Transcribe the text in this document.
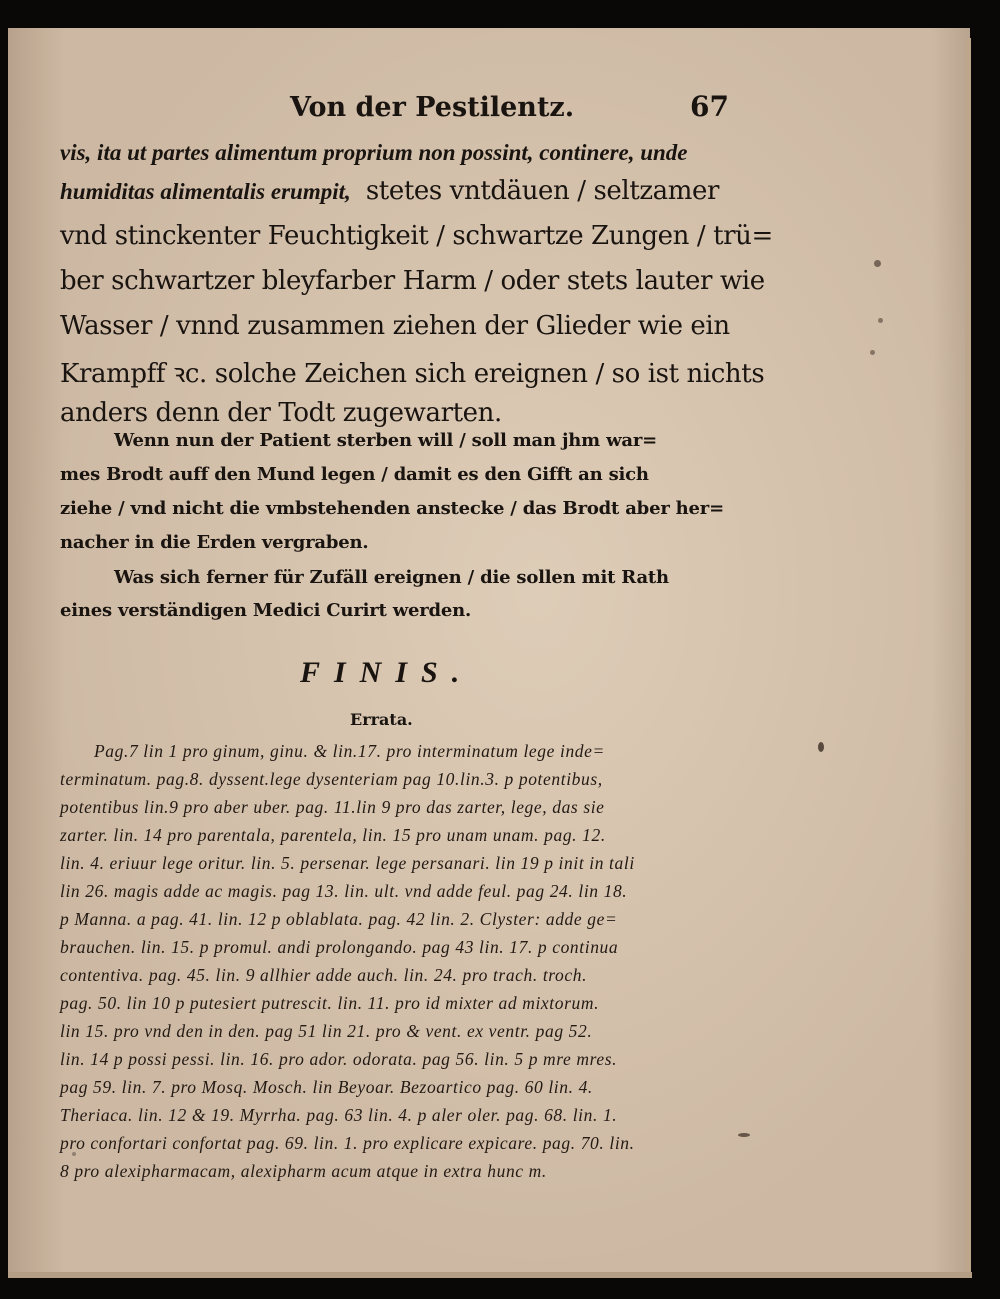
Von der Pestilentz.	67
vis, ita ut partes alimentum proprium non possint, continere, unde
humiditas alimentalis erumpit, stetes vntdäuen / seltzamer
vnd stinckenter Feuchtigkeit / schwartze Zungen / trü=
ber schwartzer bleyfarber Harm / oder stets lauter wie
Wasser / vnnd zusammen ziehen der Glieder wie ein
Krampff ꝛc. solche Zeichen sich ereignen / so ist nichts
anders denn der Todt zugewarten.
Wenn nun der Patient sterben will / soll man jhm war=
mes Brodt auff den Mund legen / damit es den Gifft an sich
ziehe / vnd nicht die vmbstehenden anstecke / das Brodt aber her=
nacher in die Erden vergraben.
Was sich ferner für Zufäll ereignen / die sollen mit Rath
eines verständigen Medici Curirt werden.
FINIS.
Errata.
Pag.7 lin 1 pro ginum, ginu. & lin.17. pro interminatum lege inde=
terminatum. pag.8. dyssent.lege dysenteriam pag 10.lin.3. p potentibus,
potentibus lin.9 pro aber uber. pag. 11.lin 9 pro das zarter, lege, das sie
zarter. lin. 14 pro parentala, parentela, lin. 15 pro unam unam. pag. 12.
lin. 4. eriuur lege oritur. lin. 5. persenar. lege persanari. lin 19 p init in tali
lin 26. magis adde ac magis. pag 13. lin. ult. vnd adde feul. pag 24. lin 18.
p Manna. a pag. 41. lin. 12 p oblablata. pag. 42 lin. 2. Clyster: adde ge=
brauchen. lin. 15. p promul. andi prolongando. pag 43 lin. 17. p continua
contentiva. pag. 45. lin. 9 allhier adde auch. lin. 24. pro trach. troch.
pag. 50. lin 10 p putesiert putrescit. lin. 11. pro id mixter ad mixtorum.
lin 15. pro vnd den in den. pag 51 lin 21. pro & vent. ex ventr. pag 52.
lin. 14 p possi pessi. lin. 16. pro ador. odorata. pag 56. lin. 5 p mre mres.
pag 59. lin. 7. pro Mosq. Mosch. lin Beyoar. Bezoartico pag. 60 lin. 4.
Theriaca. lin. 12 & 19. Myrrha. pag. 63 lin. 4. p aler oler. pag. 68. lin. 1.
pro confortari confortat pag. 69. lin. 1. pro explicare expicare. pag. 70. lin.
8 pro alexipharmacam, alexipharm acum atque in extra hunc m.
